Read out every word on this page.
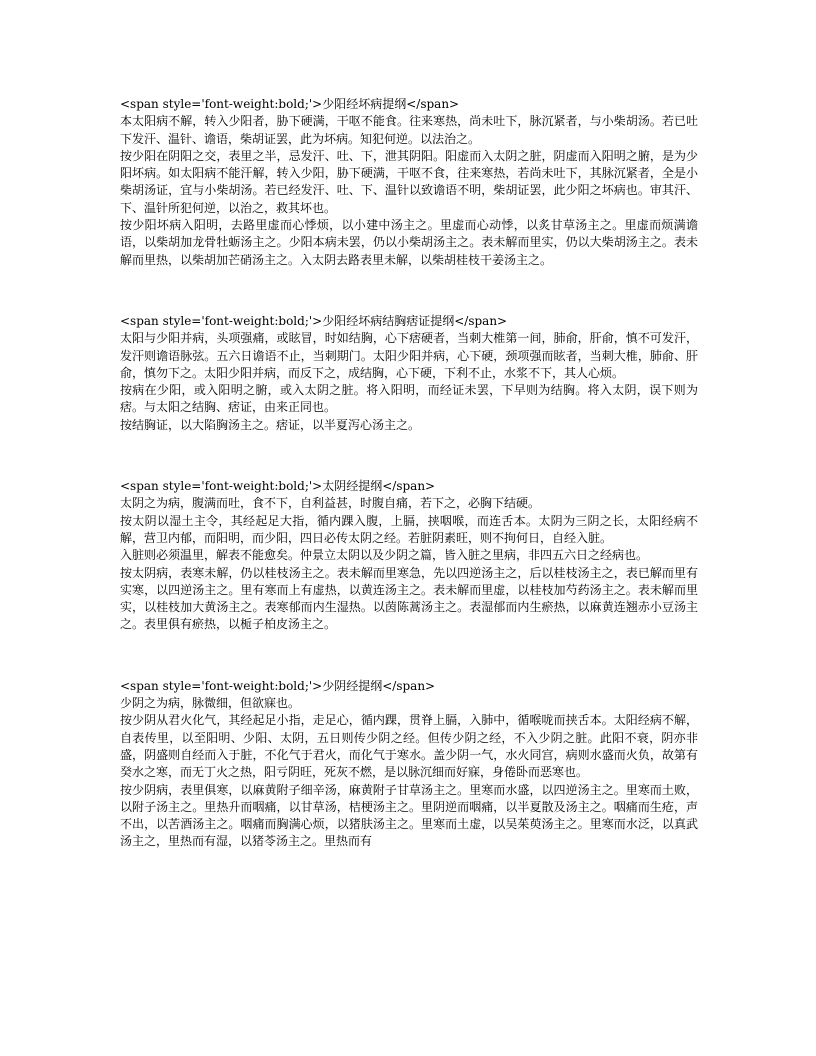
<span style='font-weight:bold;'>少阳经坏病提纲</span>

本太阳病不解，转入少阳者，胁下硬满，干呕不能食。往来寒热，尚未吐下，脉沉紧者，与小柴胡汤。若已吐下发汗、温针、谵语，柴胡证罢，此为坏病。知犯何逆。以法治之。

按少阳在阴阳之交，表里之半，忌发汗、吐、下，泄其阴阳。阳虚而入太阴之脏，阴虚而入阳明之腑，是为少阳坏病。如太阳病不能汗解，转入少阳，胁下硬满，干呕不食，往来寒热，若尚未吐下，其脉沉紧者，全是小柴胡汤证，宜与小柴胡汤。若已经发汗、吐、下、温针以致谵语不明，柴胡证罢，此少阳之坏病也。审其汗、下、温针所犯何逆，以治之，救其坏也。

按少阳坏病入阳明，去路里虚而心悸烦，以小建中汤主之。里虚而心动悸，以炙甘草汤主之。里虚而烦满谵语，以柴胡加龙骨牡蛎汤主之。少阳本病未罢，仍以小柴胡汤主之。表未解而里实，仍以大柴胡汤主之。表未解而里热，以柴胡加芒硝汤主之。入太阴去路表里未解，以柴胡桂枝干姜汤主之。

<span style='font-weight:bold;'>少阳经坏病结胸痞证提纲</span>

太阳与少阳并病，头项强痛，或眩冒，时如结胸，心下痞硬者，当刺大椎第一间，肺俞，肝俞，慎不可发汗，发汗则谵语脉弦。五六日谵语不止，当刺期门。太阳少阳并病，心下硬，颈项强而眩者，当刺大椎，肺俞、肝俞，慎勿下之。太阳少阳并病，而反下之，成结胸，心下硬，下利不止，水浆不下，其人心烦。

按病在少阳，或入阳明之腑，或入太阴之脏。将入阳明，而经证未罢，下早则为结胸。将入太阴，误下则为痞。与太阳之结胸、痞证，由来正同也。

按结胸证，以大陷胸汤主之。痞证，以半夏泻心汤主之。

<span style='font-weight:bold;'>太阴经提纲</span>

太阴之为病，腹满而吐，食不下，自利益甚，时腹自痛，若下之，必胸下结硬。

按太阴以湿土主令，其经起足大指，循内踝入腹，上膈，挟咽喉，而连舌本。太阴为三阴之长，太阳经病不解，营卫内郁，而阳明，而少阳，四日必传太阴之经。若脏阴素旺，则不拘何日，自经入脏。

入脏则必须温里，解表不能愈矣。仲景立太阴以及少阴之篇，皆入脏之里病，非四五六日之经病也。

按太阴病，表寒未解，仍以桂枝汤主之。表未解而里寒急，先以四逆汤主之，后以桂枝汤主之，表已解而里有实寒，以四逆汤主之。里有寒而上有虚热，以黄连汤主之。表未解而里虚，以桂枝加芍药汤主之。表未解而里实，以桂枝加大黄汤主之。表寒郁而内生湿热。以茵陈蒿汤主之。表湿郁而内生瘀热，以麻黄连翘赤小豆汤主之。表里俱有瘀热，以栀子柏皮汤主之。

<span style='font-weight:bold;'>少阴经提纲</span>

少阴之为病，脉微细，但欲寐也。

按少阴从君火化气，其经起足小指，走足心，循内踝，贯脊上膈，入肺中，循喉咙而挟舌本。太阳经病不解，自表传里，以至阳明、少阳、太阴，五日则传少阴之经。但传少阴之经，不入少阴之脏。此阳不衰，阴亦非盛，阴盛则自经而入于脏，不化气于君火，而化气于寒水。盖少阴一气，水火同宫，病则水盛而火负，故第有癸水之寒，而无丁火之热，阳亏阴旺，死灰不燃，是以脉沉细而好寐，身倦卧而恶寒也。

按少阴病，表里俱寒，以麻黄附子细辛汤，麻黄附子甘草汤主之。里寒而水盛，以四逆汤主之。里寒而土败，以附子汤主之。里热升而咽痛，以甘草汤，桔梗汤主之。里阴逆而咽痛，以半夏散及汤主之。咽痛而生疮，声不出，以苦酒汤主之。咽痛而胸满心烦，以猪肤汤主之。里寒而土虚，以吴茱萸汤主之。里寒而水泛，以真武汤主之，里热而有湿，以猪苓汤主之。里热而有
